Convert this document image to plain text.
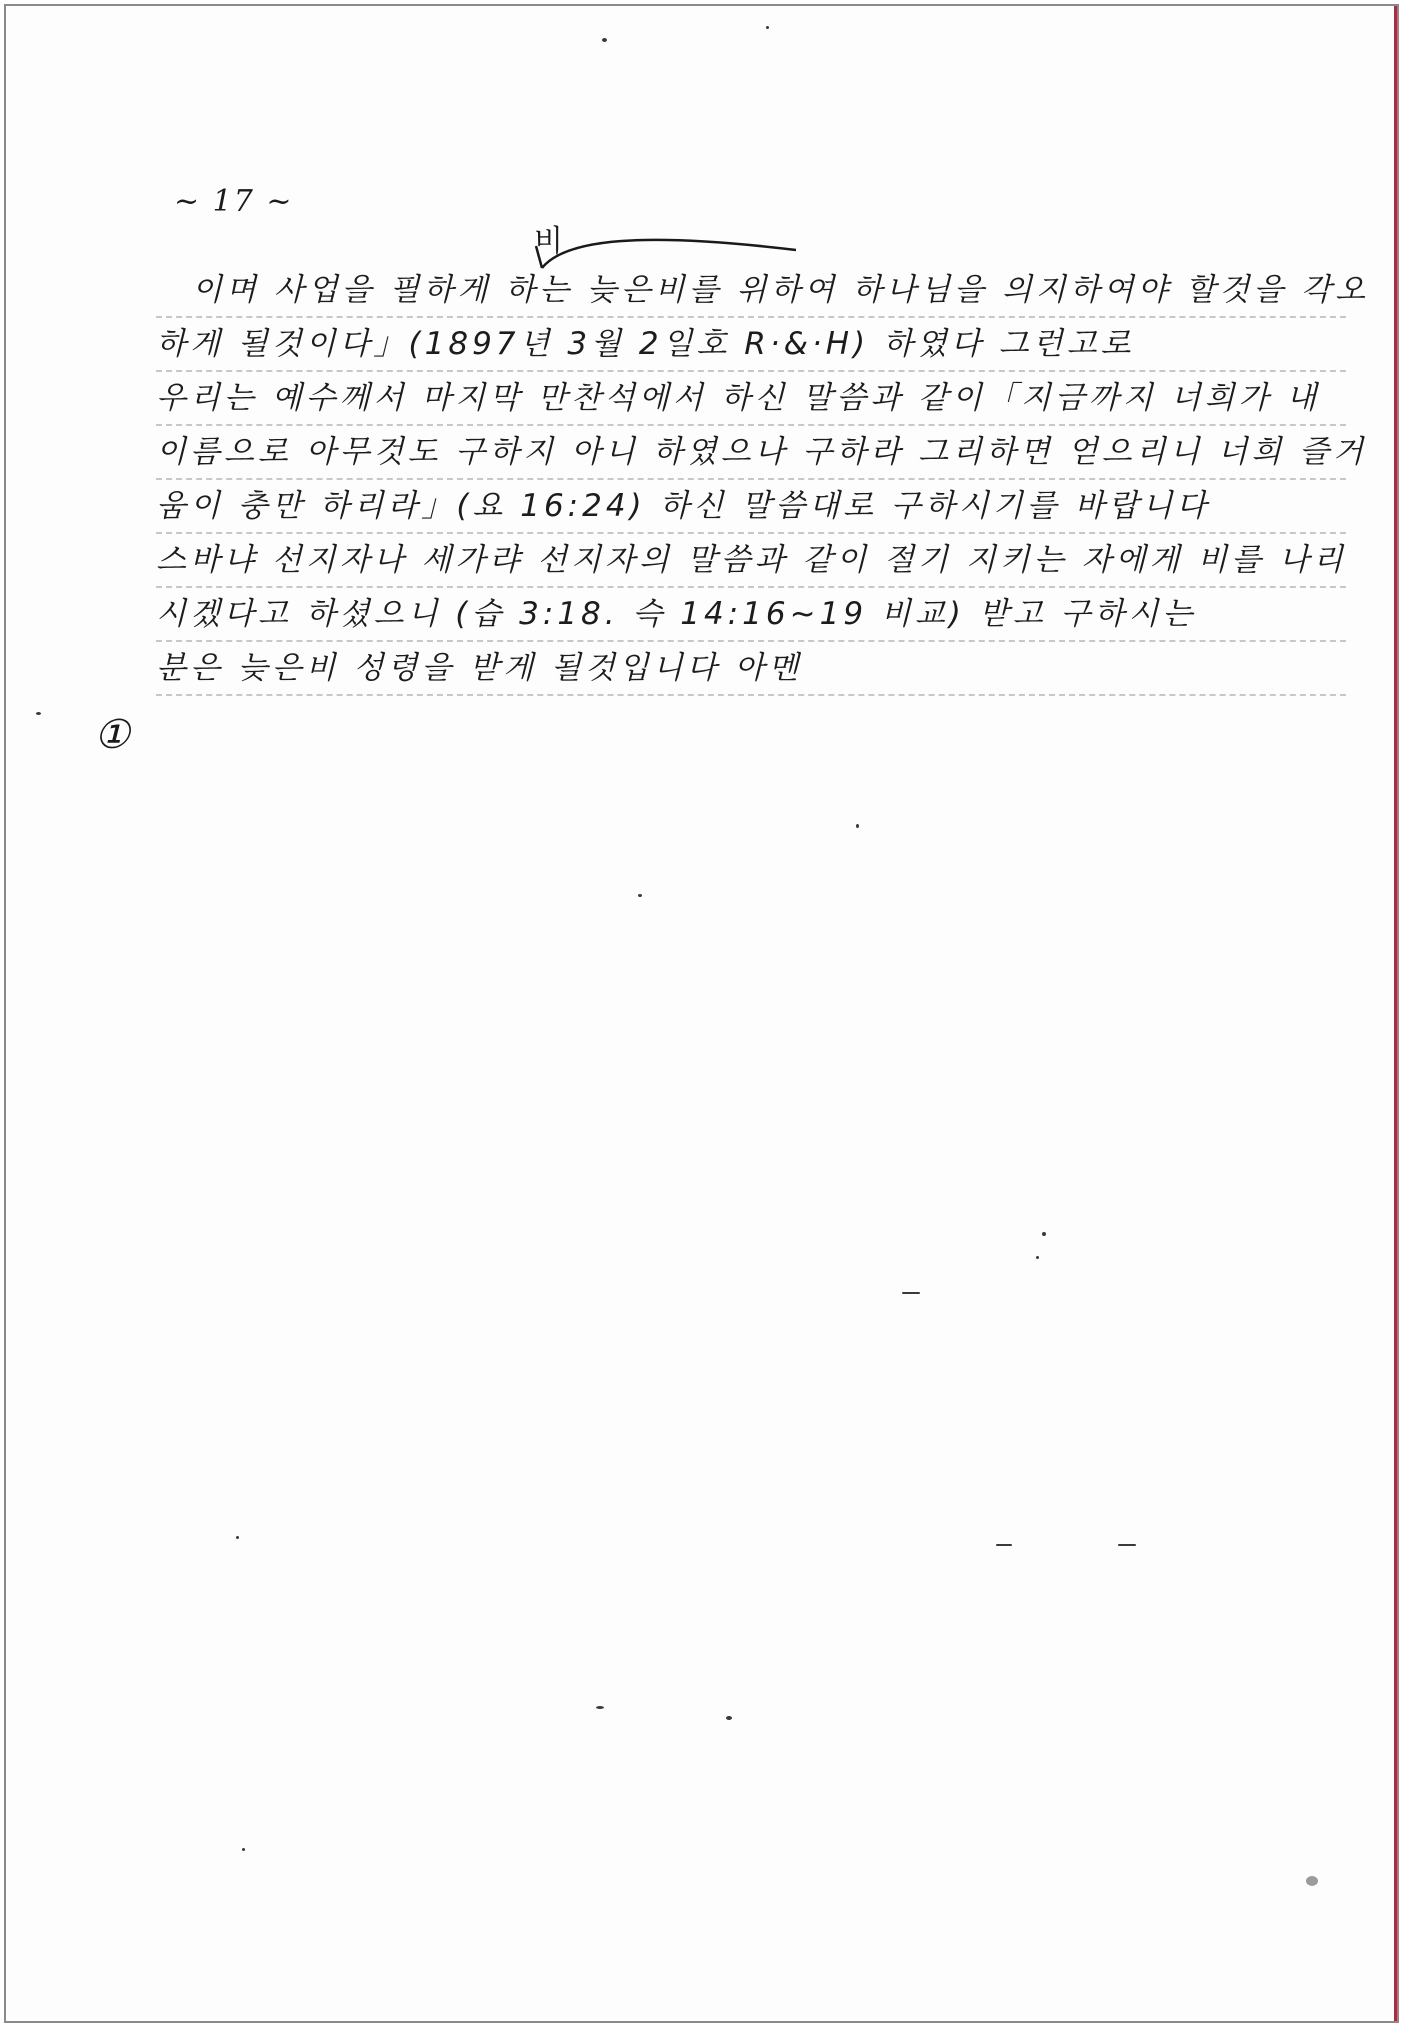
~ 17 ~
비
이며 사업을 필하게 하는 늦은비를 위하여 하나님을 의지하여야 할것을 각오
하게 될것이다」(1897년 3월 2일호 R·&·H) 하였다 그런고로
우리는 예수께서 마지막 만찬석에서 하신 말씀과 같이「지금까지 너희가 내
이름으로 아무것도 구하지 아니 하였으나 구하라 그리하면 얻으리니 너희 즐거
움이 충만 하리라」(요 16:24) 하신 말씀대로 구하시기를 바랍니다
스바냐 선지자나 세가랴 선지자의 말씀과 같이 절기 지키는 자에게 비를 나리
시겠다고 하셨으니 (습 3:18. 슥 14:16~19 비교) 받고 구하시는
분은 늦은비 성령을 받게 될것입니다 아멘
①
